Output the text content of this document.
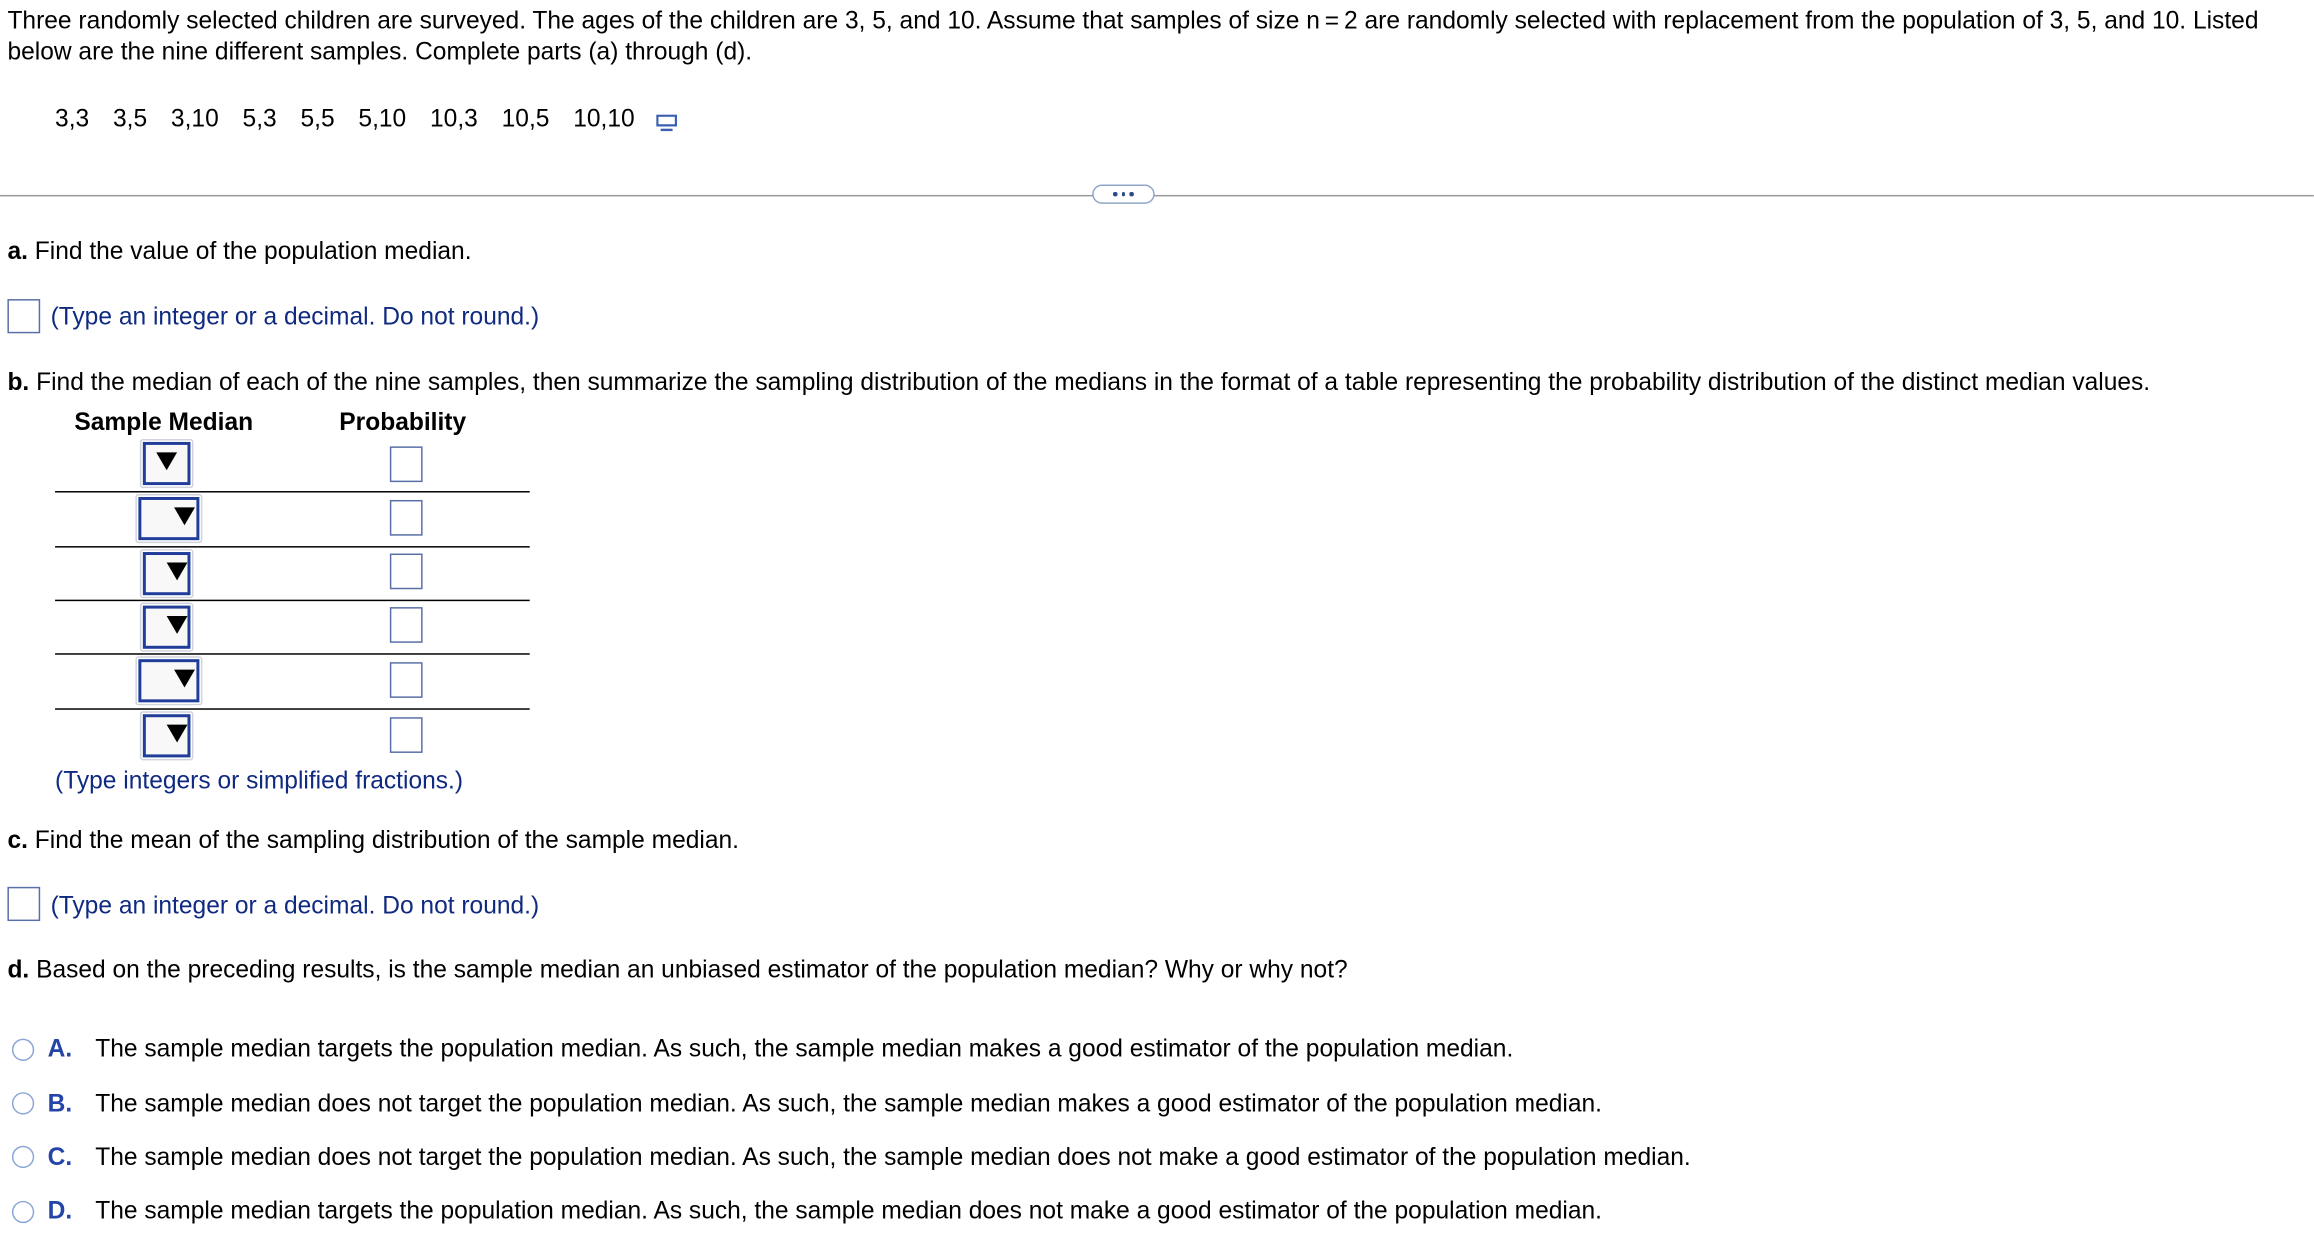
Three randomly selected children are surveyed. The ages of the children are 3, 5, and 10. Assume that samples of size n = 2 are randomly selected with replacement from the population of 3, 5, and 10. Listed below are the nine different samples. Complete parts (a) through (d).
3,3 3,5 3,10 5,3 5,5 5,10 10,3 10,5 10,10
a. Find the value of the population median.
(Type an integer or a decimal. Do not round.)
b. Find the median of each of the nine samples, then summarize the sampling distribution of the medians in the format of a table representing the probability distribution of the distinct median values.
Sample Median	Probability
(Type integers or simplified fractions.)
c. Find the mean of the sampling distribution of the sample median.
(Type an integer or a decimal. Do not round.)
d. Based on the preceding results, is the sample median an unbiased estimator of the population median? Why or why not?
A. The sample median targets the population median. As such, the sample median makes a good estimator of the population median.
B. The sample median does not target the population median. As such, the sample median makes a good estimator of the population median.
C. The sample median does not target the population median. As such, the sample median does not make a good estimator of the population median.
D. The sample median targets the population median. As such, the sample median does not make a good estimator of the population median.
